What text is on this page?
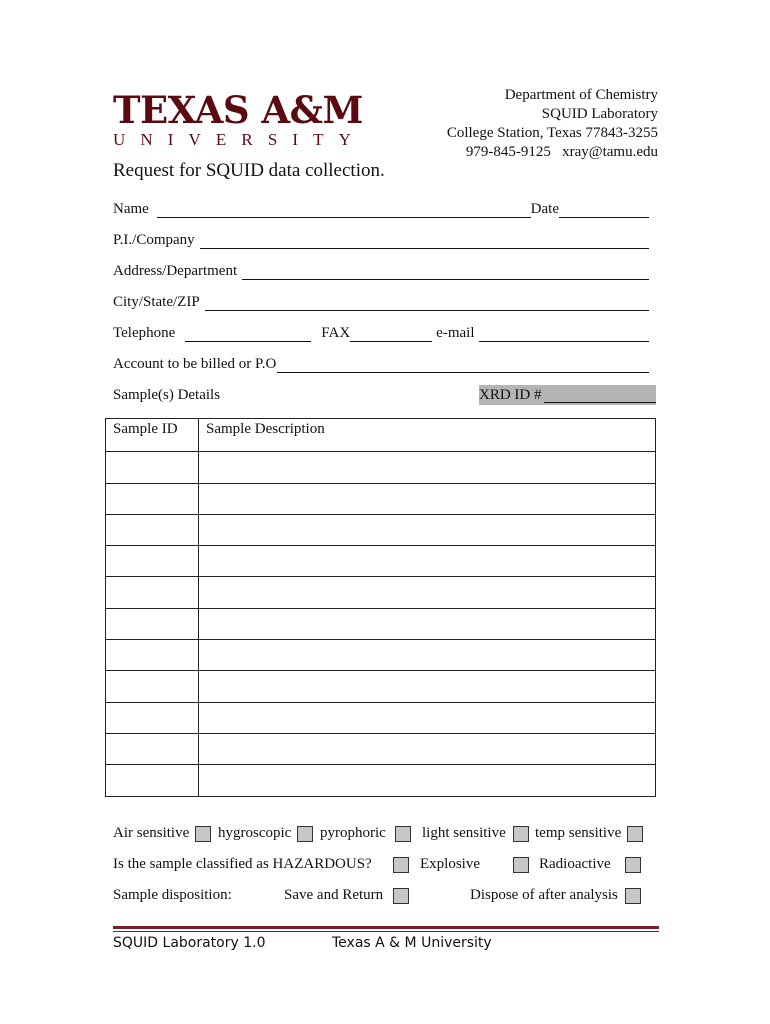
TEXAS A&M
U N I V E R S I T Y
Department of Chemistry
SQUID Laboratory
College Station, Texas 77843-3255
979-845-9125   xray@tamu.edu
Request for SQUID data collection.
Name	Date
P.I./Company
Address/Department
City/State/ZIP
Telephone	FAX	e-mail
Account to be billed or P.O
Sample(s) Details	XRD ID #
Sample ID	Sample Description

Air sensitive hygroscopic pyrophoric light sensitive temp sensitive
Is the sample classified as HAZARDOUS?	Explosive	Radioactive
Sample disposition:	Save and Return	Dispose of after analysis
SQUID Laboratory 1.0	Texas A & M University
